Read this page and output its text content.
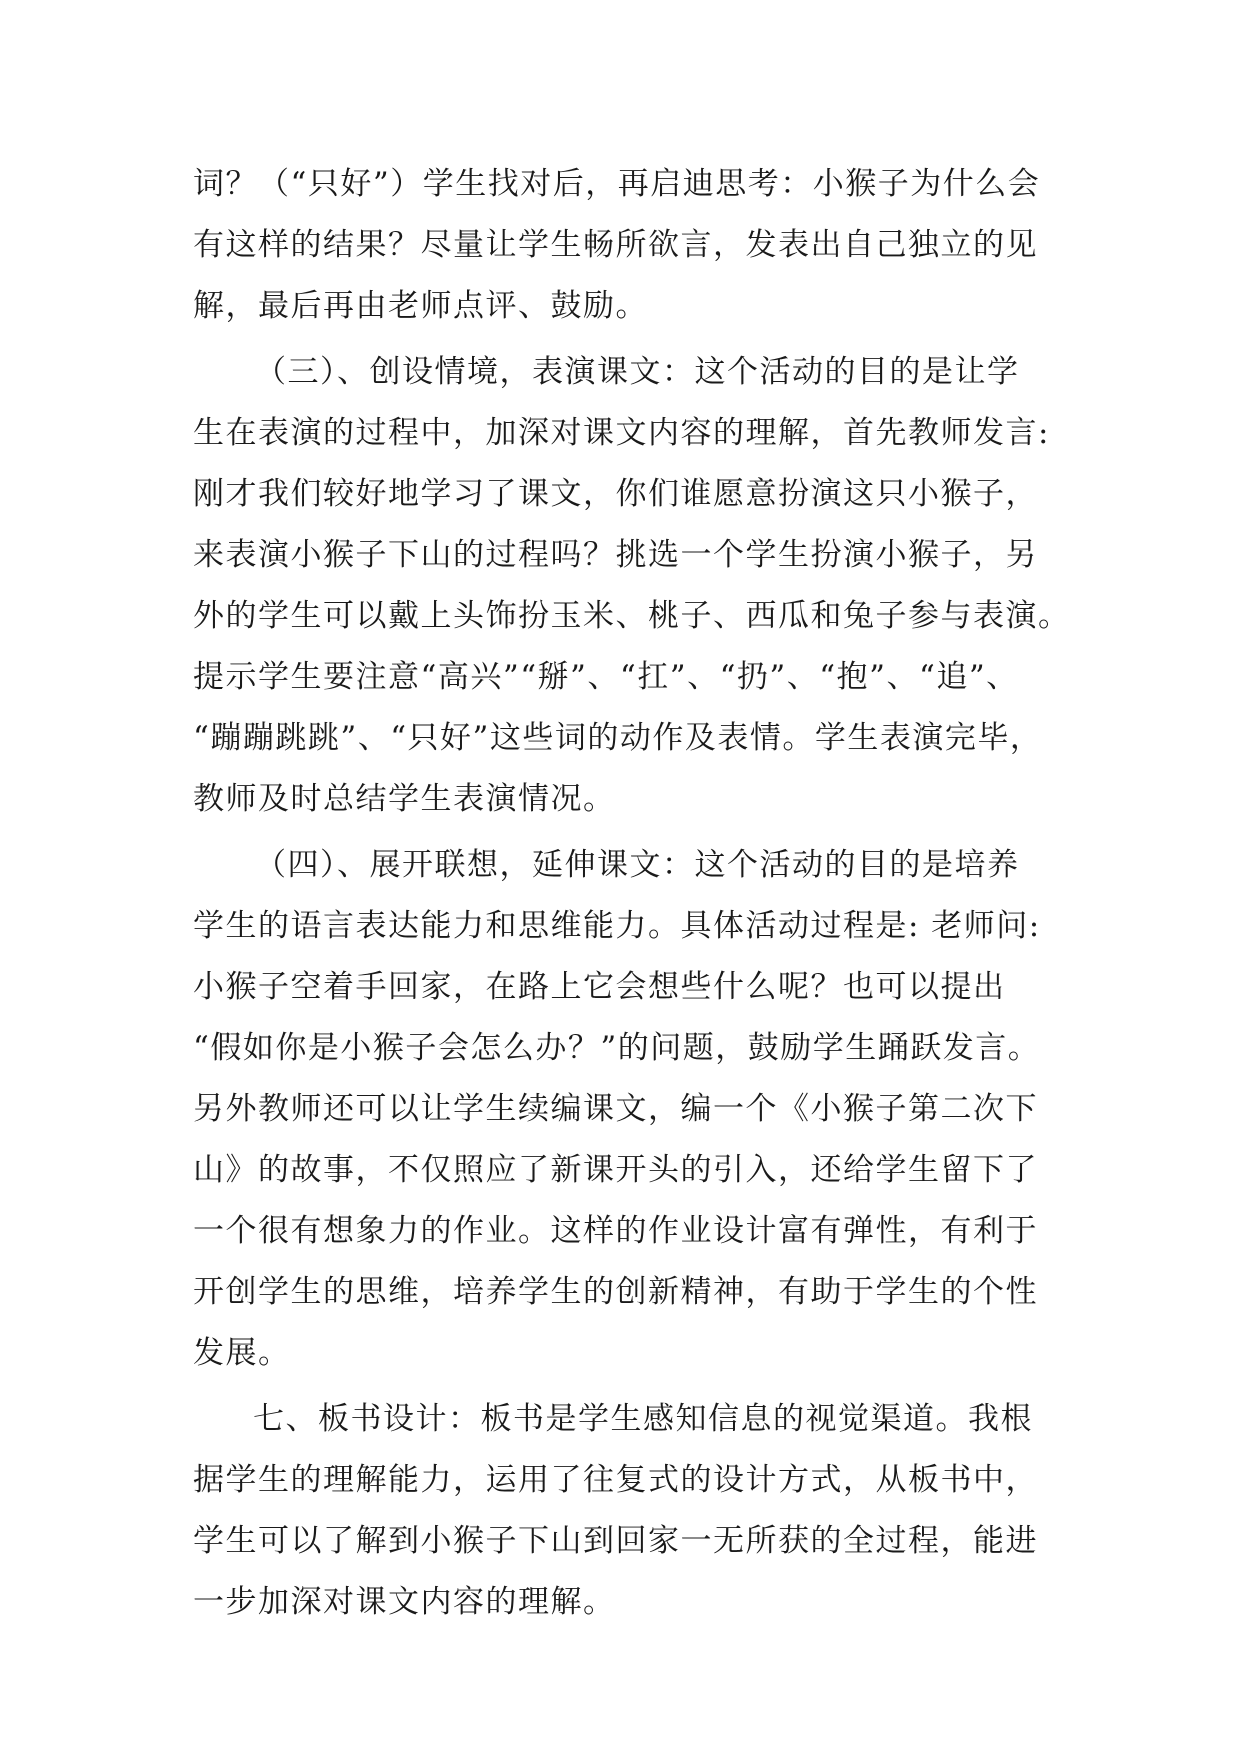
词？（“只好”）学生找对后，再启迪思考：小猴子为什么会
有这样的结果？尽量让学生畅所欲言，发表出自己独立的见
解，最后再由老师点评、鼓励。
（三）、创设情境，表演课文：这个活动的目的是让学
生在表演的过程中，加深对课文内容的理解，首先教师发言:
刚才我们较好地学习了课文，你们谁愿意扮演这只小猴子，
来表演小猴子下山的过程吗？挑选一个学生扮演小猴子，另
外的学生可以戴上头饰扮玉米、桃子、西瓜和兔子参与表演。
提示学生要注意“高兴”“掰”、“扛”、“扔”、“抱”、“追”、
“蹦蹦跳跳”、“只好”这些词的动作及表情。学生表演完毕，
教师及时总结学生表演情况。
（四）、展开联想，延伸课文：这个活动的目的是培养
学生的语言表达能力和思维能力。具体活动过程是: 老师问:
小猴子空着手回家，在路上它会想些什么呢？也可以提出
“假如你是小猴子会怎么办？”的问题，鼓励学生踊跃发言。
另外教师还可以让学生续编课文，编一个《小猴子第二次下
山》的故事，不仅照应了新课开头的引入，还给学生留下了
一个很有想象力的作业。这样的作业设计富有弹性，有利于
开创学生的思维，培养学生的创新精神，有助于学生的个性
发展。
七、板书设计：板书是学生感知信息的视觉渠道。我根
据学生的理解能力，运用了往复式的设计方式，从板书中，
学生可以了解到小猴子下山到回家一无所获的全过程，能进
一步加深对课文内容的理解。
